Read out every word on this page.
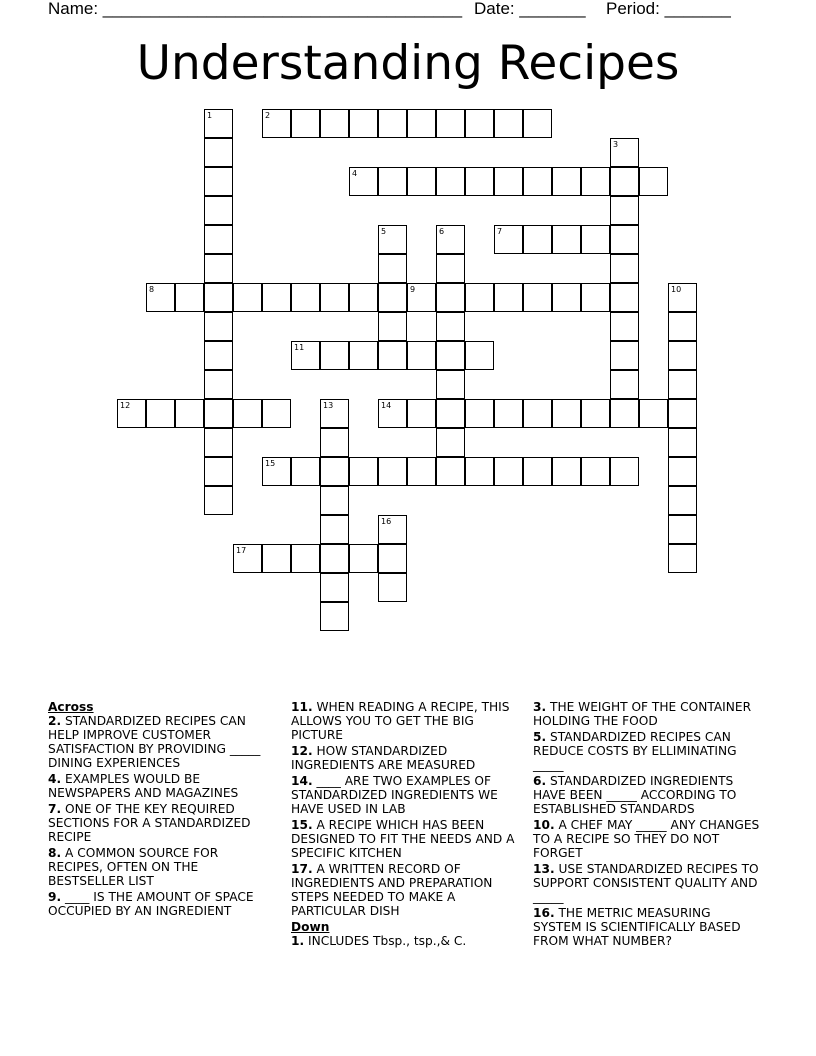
Name: ______________________________________ Date: _______ Period: _______
Understanding Recipes
1	2
3
4
5	6	7
8	9	10
11
12	13	14
15
16
17
Across
2. STANDARDIZED RECIPES CAN HELP IMPROVE CUSTOMER SATISFACTION BY PROVIDING _____ DINING EXPERIENCES
4. EXAMPLES WOULD BE NEWSPAPERS AND MAGAZINES
7. ONE OF THE KEY REQUIRED SECTIONS FOR A STANDARDIZED RECIPE
8. A COMMON SOURCE FOR RECIPES, OFTEN ON THE BESTSELLER LIST
9. ____ IS THE AMOUNT OF SPACE OCCUPIED BY AN INGREDIENT
11. WHEN READING A RECIPE, THIS ALLOWS YOU TO GET THE BIG PICTURE
12. HOW STANDARDIZED INGREDIENTS ARE MEASURED
14. ____ ARE TWO EXAMPLES OF STANDARDIZED INGREDIENTS WE HAVE USED IN LAB
15. A RECIPE WHICH HAS BEEN DESIGNED TO FIT THE NEEDS AND A SPECIFIC KITCHEN
17. A WRITTEN RECORD OF INGREDIENTS AND PREPARATION STEPS NEEDED TO MAKE A PARTICULAR DISH
Down
1. INCLUDES Tbsp., tsp.,& C.
3. THE WEIGHT OF THE CONTAINER HOLDING THE FOOD
5. STANDARDIZED RECIPES CAN REDUCE COSTS BY ELLIMINATING _____
6. STANDARDIZED INGREDIENTS HAVE BEEN _____ ACCORDING TO ESTABLISHED STANDARDS
10. A CHEF MAY _____ ANY CHANGES TO A RECIPE SO THEY DO NOT FORGET
13. USE STANDARDIZED RECIPES TO SUPPORT CONSISTENT QUALITY AND _____
16. THE METRIC MEASURING SYSTEM IS SCIENTIFICALLY BASED FROM WHAT NUMBER?
